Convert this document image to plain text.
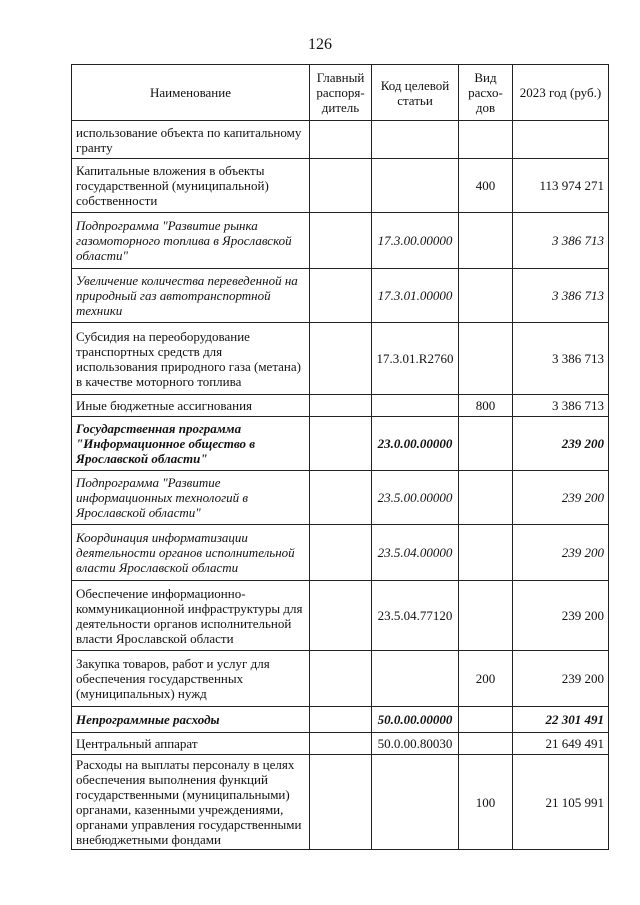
126
Наименование	Главный распоря-дитель	Код целевой статьи	Вид расхо-дов	2023 год (руб.)
использование объекта по капитальному гранту				
Капитальные вложения в объекты государственной (муниципальной) собственности			400	113 974 271
Подпрограмма "Развитие рынка газомоторного топлива в Ярославской области"		17.3.00.00000		3 386 713
Увеличение количества переведенной на природный газ автотранспортной техники		17.3.01.00000		3 386 713
Субсидия на переоборудование транспортных средств для использования природного газа (метана) в качестве моторного топлива		17.3.01.R2760		3 386 713
Иные бюджетные ассигнования			800	3 386 713
Государственная программа "Информационное общество в Ярославской области"		23.0.00.00000		239 200
Подпрограмма "Развитие информационных технологий в Ярославской области"		23.5.00.00000		239 200
Координация информатизации деятельности органов исполнительной власти Ярославской области		23.5.04.00000		239 200
Обеспечение информационно-коммуникационной инфраструктуры для деятельности органов исполнительной власти Ярославской области		23.5.04.77120		239 200
Закупка товаров, работ и услуг для обеспечения государственных (муниципальных) нужд			200	239 200
Непрограммные расходы		50.0.00.00000		22 301 491
Центральный аппарат		50.0.00.80030		21 649 491
Расходы на выплаты персоналу в целях обеспечения выполнения функций государственными (муниципальными) органами, казенными учреждениями, органами управления государственными внебюджетными фондами			100	21 105 991
